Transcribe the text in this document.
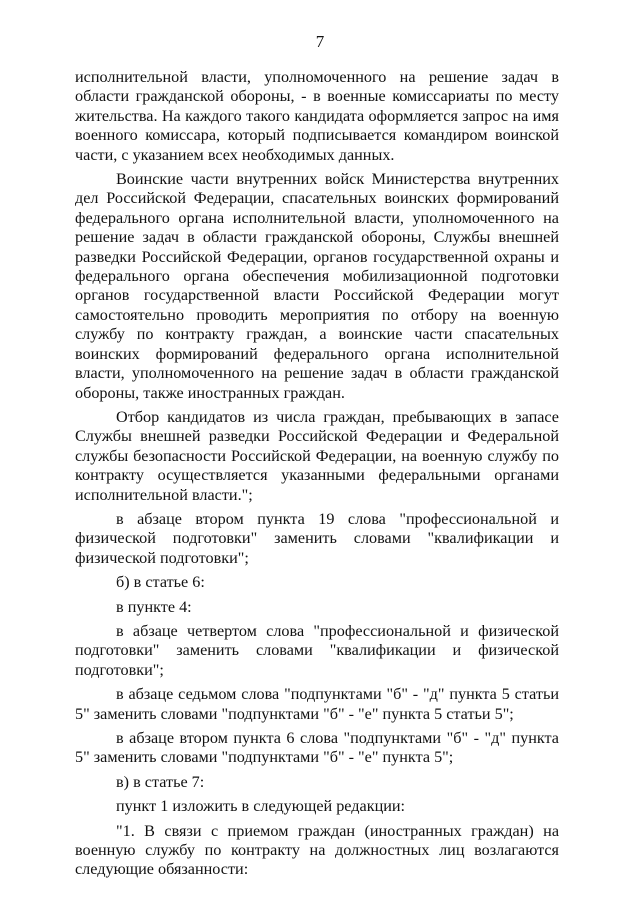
7

исполнительной власти, уполномоченного на решение задач в области гражданской обороны, - в военные комиссариаты по месту жительства. На каждого такого кандидата оформляется запрос на имя военного комиссара, который подписывается командиром воинской части, с указанием всех необходимых данных.

Воинские части внутренних войск Министерства внутренних дел Российской Федерации, спасательных воинских формирований федерального органа исполнительной власти, уполномоченного на решение задач в области гражданской обороны, Службы внешней разведки Российской Федерации, органов государственной охраны и федерального органа обеспечения мобилизационной подготовки органов государственной власти Российской Федерации могут самостоятельно проводить мероприятия по отбору на военную службу по контракту граждан, а воинские части спасательных воинских формирований федерального органа исполнительной власти, уполномоченного на решение задач в области гражданской обороны, также иностранных граждан.

Отбор кандидатов из числа граждан, пребывающих в запасе Службы внешней разведки Российской Федерации и Федеральной службы безопасности Российской Федерации, на военную службу по контракту осуществляется указанными федеральными органами исполнительной власти.";

в абзаце втором пункта 19 слова "профессиональной и физической подготовки" заменить словами "квалификации и физической подготовки";

б) в статье 6:

в пункте 4:

в абзаце четвертом слова "профессиональной и физической подготовки" заменить словами "квалификации и физической подготовки";

в абзаце седьмом слова "подпунктами "б" - "д" пункта 5 статьи 5" заменить словами "подпунктами "б" - "е" пункта 5 статьи 5";

в абзаце втором пункта 6 слова "подпунктами "б" - "д" пункта 5" заменить словами "подпунктами "б" - "е" пункта 5";

в) в статье 7:

пункт 1 изложить в следующей редакции:

"1. В связи с приемом граждан (иностранных граждан) на военную службу по контракту на должностных лиц возлагаются следующие обязанности:
